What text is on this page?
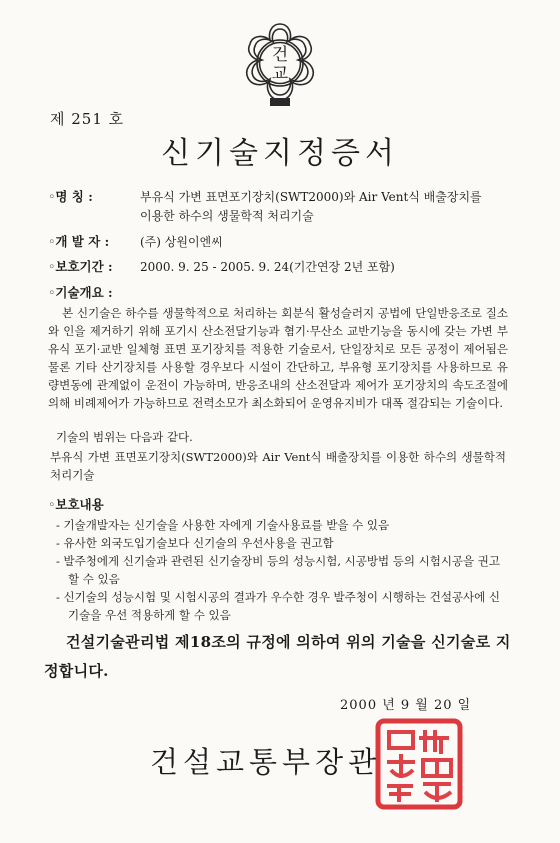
건
교
제 251 호
신기술지정증서
◦명 칭 :	부유식 가변 표면포기장치(SWT2000)와 Air Vent식 배출장치를
이용한 하수의 생물학적 처리기술
◦개 발 자 :	(주) 상원이엔씨
◦보호기간 : 2000. 9. 25 - 2005. 9. 24(기간연장 2년 포함)
◦기술개요 :
본 신기술은 하수를 생물학적으로 처리하는 회분식 활성슬러지 공법에 단일반응조로 질소와 인을 제거하기 위해 포기시 산소전달기능과 혐기·무산소 교반기능을 동시에 갖는 가변 부유식 포기·교반 일체형 표면 포기장치를 적용한 기술로서, 단일장치로 모든 공정이 제어됨은 물론 기타 산기장치를 사용할 경우보다 시설이 간단하고, 부유형 포기장치를 사용하므로 유량변동에 관계없이 운전이 가능하며, 반응조내의 산소전달과 제어가 포기장치의 속도조절에 의해 비례제어가 가능하므로 전력소모가 최소화되어 운영유지비가 대폭 절감되는 기술이다.
기술의 범위는 다음과 같다.
부유식 가변 표면포기장치(SWT2000)와 Air Vent식 배출장치를 이용한 하수의 생물학적 처리기술
◦보호내용
- 기술개발자는 신기술을 사용한 자에게 기술사용료를 받을 수 있음
- 유사한 외국도입기술보다 신기술의 우선사용을 권고함
- 발주청에게 신기술과 관련된 신기술장비 등의 성능시험, 시공방법 등의 시험시공을 권고할 수 있음
- 신기술의 성능시험 및 시험시공의 결과가 우수한 경우 발주청이 시행하는 건설공사에 신기술을 우선 적용하게 할 수 있음
건설기술관리법 제18조의 규정에 의하여 위의 기술을 신기술로 지정합니다.
2000 년 9 월 20 일
건설교통부장관
